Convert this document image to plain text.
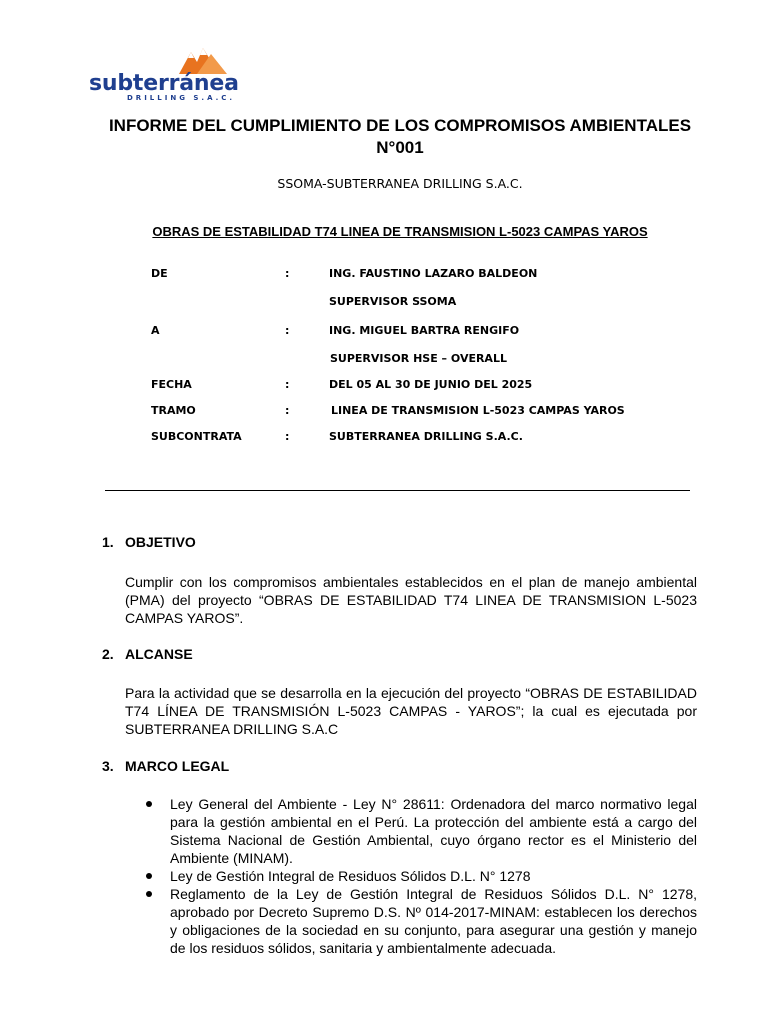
subterránea
DRILLING S.A.C.
INFORME DEL CUMPLIMIENTO DE LOS COMPROMISOS AMBIENTALES N°001
SSOMA-SUBTERRANEA DRILLING S.A.C.
OBRAS DE ESTABILIDAD T74 LINEA DE TRANSMISION L-5023 CAMPAS YAROS
DE	:	ING. FAUSTINO LAZARO BALDEON
SUPERVISOR SSOMA
A	:	ING. MIGUEL BARTRA RENGIFO
SUPERVISOR HSE – OVERALL
FECHA	:	DEL 05 AL 30 DE JUNIO DEL 2025
TRAMO	:	LINEA DE TRANSMISION L-5023 CAMPAS YAROS
SUBCONTRATA	:	SUBTERRANEA DRILLING S.A.C.
1. OBJETIVO
Cumplir con los compromisos ambientales establecidos en el plan de manejo ambiental (PMA) del proyecto “OBRAS DE ESTABILIDAD T74 LINEA DE TRANSMISION L-5023 CAMPAS YAROS”.
2. ALCANSE
Para la actividad que se desarrolla en la ejecución del proyecto “OBRAS DE ESTABILIDAD T74 LÍNEA DE TRANSMISIÓN L-5023 CAMPAS - YAROS”; la cual es ejecutada por SUBTERRANEA DRILLING S.A.C
3. MARCO LEGAL
Ley General del Ambiente - Ley N° 28611: Ordenadora del marco normativo legal para la gestión ambiental en el Perú. La protección del ambiente está a cargo del Sistema Nacional de Gestión Ambiental, cuyo órgano rector es el Ministerio del Ambiente (MINAM).
Ley de Gestión Integral de Residuos Sólidos D.L. N° 1278
Reglamento de la Ley de Gestión Integral de Residuos Sólidos D.L. N° 1278, aprobado por Decreto Supremo D.S. Nº 014-2017-MINAM: establecen los derechos y obligaciones de la sociedad en su conjunto, para asegurar una gestión y manejo de los residuos sólidos, sanitaria y ambientalmente adecuada.
